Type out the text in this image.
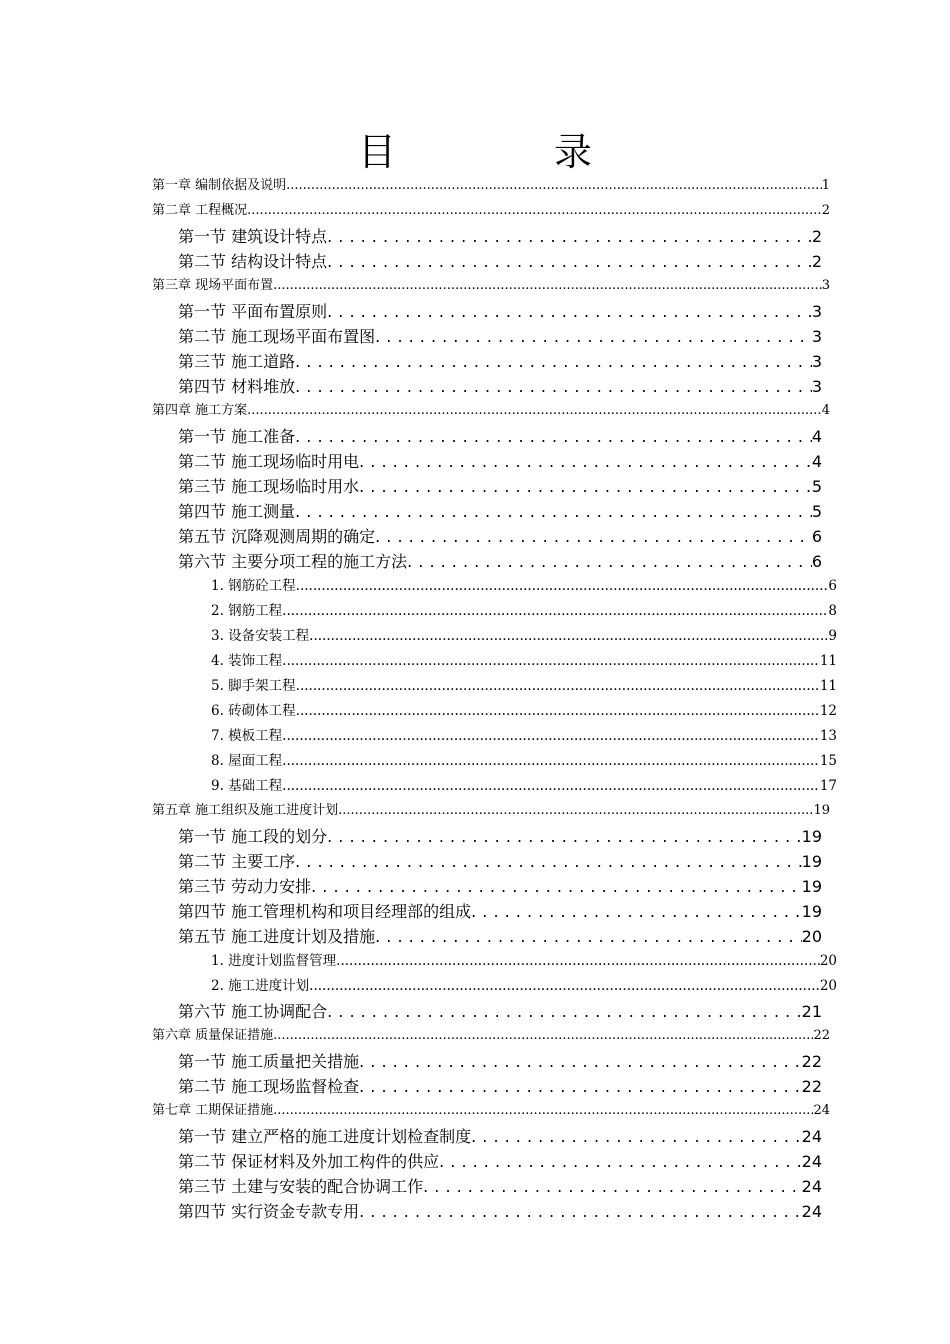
目	录
第一章 编制依据及说明 .....	1
第二章 工程概况 .....	2
第一节 建筑设计特点 . . .	2
第二节 结构设计特点 . . .	2
第三章 现场平面布置 .....	3
第一节 平面布置原则 . . .	3
第二节 施工现场平面布置图 . . .	3
第三节 施工道路 . . .	3
第四节 材料堆放 . . .	3
第四章 施工方案 .....	4
第一节 施工准备 . . .	4
第二节 施工现场临时用电 . . .	4
第三节 施工现场临时用水 . . .	5
第四节 施工测量 . . .	5
第五节 沉降观测周期的确定 . . .	6
第六节 主要分项工程的施工方法 . . .	6
1. 钢筋砼工程 .....	6
2. 钢筋工程 .....	8
3. 设备安装工程 .....	9
4. 装饰工程 .....	11
5. 脚手架工程 .....	11
6. 砖砌体工程 .....	12
7. 模板工程 .....	13
8. 屋面工程 .....	15
9. 基础工程 .....	17
第五章 施工组织及施工进度计划 .....	19
第一节 施工段的划分 . . .	19
第二节 主要工序 . . .	19
第三节 劳动力安排 . . .	19
第四节 施工管理机构和项目经理部的组成 . . .	19
第五节 施工进度计划及措施 . . .	20
1. 进度计划监督管理 .....	20
2. 施工进度计划 .....	20
第六节 施工协调配合 . . .	21
第六章 质量保证措施 .....	22
第一节 施工质量把关措施 . . .	22
第二节 施工现场监督检查 . . .	22
第七章 工期保证措施 .....	24
第一节 建立严格的施工进度计划检查制度 . . .	24
第二节 保证材料及外加工构件的供应 . . .	24
第三节 土建与安装的配合协调工作 . . .	24
第四节 实行资金专款专用 . . .	24
